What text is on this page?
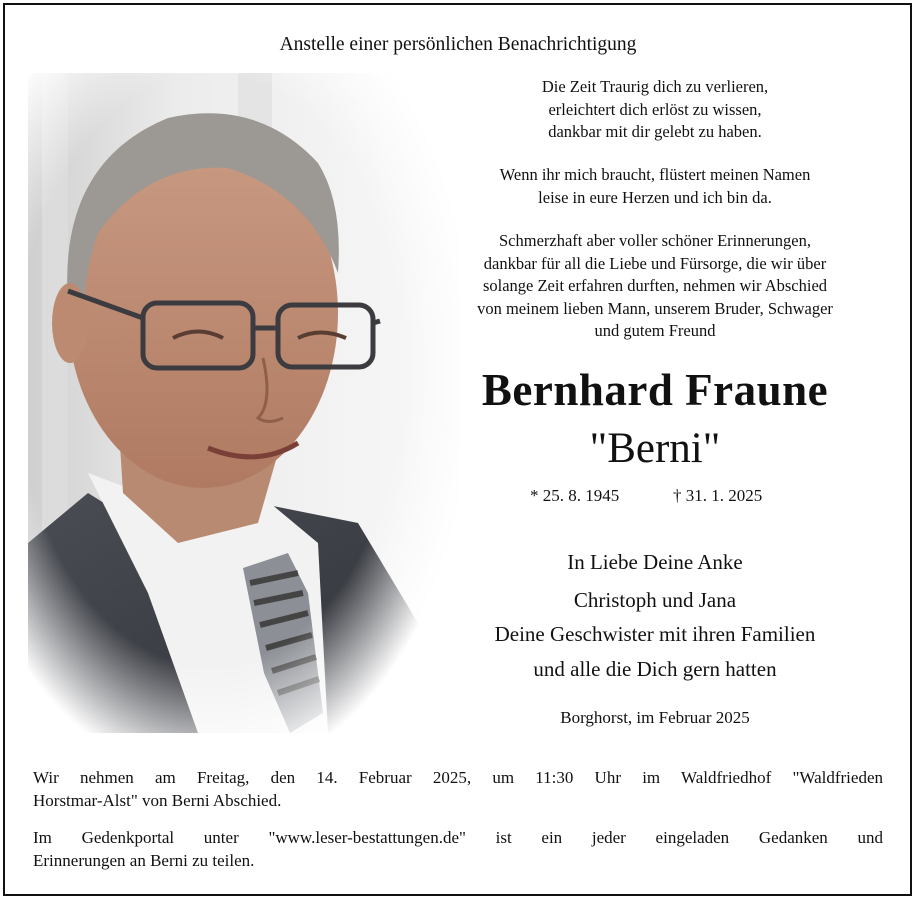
Anstelle einer persönlichen Benachrichtigung
Die Zeit Traurig dich zu verlieren,
erleichtert dich erlöst zu wissen,
dankbar mit dir gelebt zu haben.
Wenn ihr mich braucht, flüstert meinen Namen
leise in eure Herzen und ich bin da.
Schmerzhaft aber voller schöner Erinnerungen,
dankbar für all die Liebe und Fürsorge, die wir über
solange Zeit erfahren durften, nehmen wir Abschied
von meinem lieben Mann, unserem Bruder, Schwager
und gutem Freund
Bernhard Fraune
"Berni"
* 25. 8. 1945	† 31. 1. 2025
In Liebe Deine Anke
Christoph und Jana
Deine Geschwister mit ihren Familien
und alle die Dich gern hatten
Borghorst, im Februar 2025
Wir nehmen am Freitag, den 14. Februar 2025, um 11:30 Uhr im Waldfriedhof "Waldfrieden
Horstmar-Alst" von Berni Abschied.
Im Gedenkportal unter "www.leser-bestattungen.de" ist ein jeder eingeladen Gedanken und
Erinnerungen an Berni zu teilen.
